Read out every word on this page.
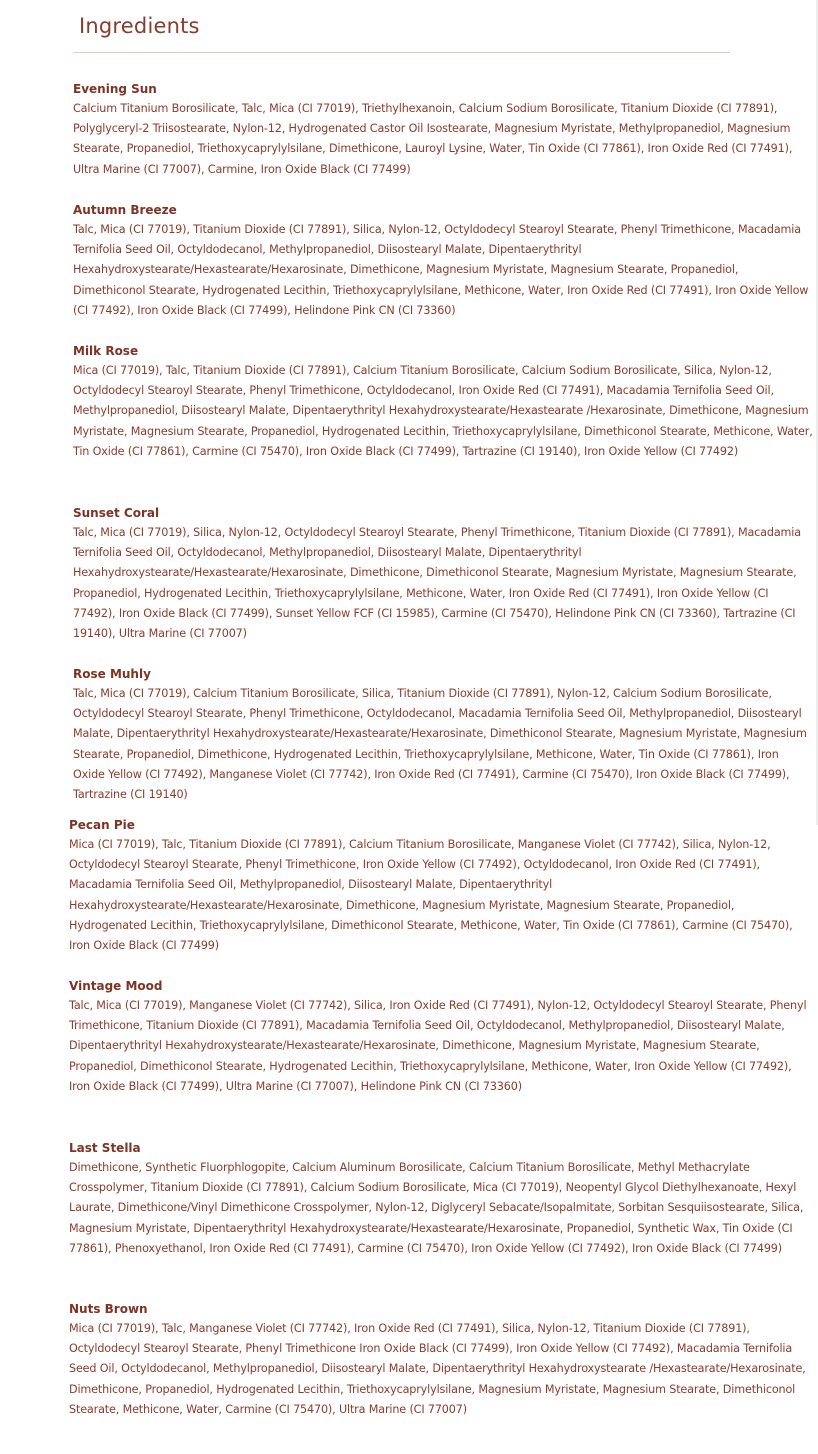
Ingredients
Evening Sun
Calcium Titanium Borosilicate, Talc, Mica (CI 77019), Triethylhexanoin, Calcium Sodium Borosilicate, Titanium Dioxide (CI 77891), Polyglyceryl-2 Triisostearate, Nylon-12, Hydrogenated Castor Oil Isostearate, Magnesium Myristate, Methylpropanediol, Magnesium Stearate, Propanediol, Triethoxycaprylylsilane, Dimethicone, Lauroyl Lysine, Water, Tin Oxide (CI 77861), Iron Oxide Red (CI 77491), Ultra Marine (CI 77007), Carmine, Iron Oxide Black (CI 77499)
Autumn Breeze
Talc, Mica (CI 77019), Titanium Dioxide (CI 77891), Silica, Nylon-12, Octyldodecyl Stearoyl Stearate, Phenyl Trimethicone, Macadamia Ternifolia Seed Oil, Octyldodecanol, Methylpropanediol, Diisostearyl Malate, Dipentaerythrityl Hexahydroxystearate/Hexastearate/Hexarosinate, Dimethicone, Magnesium Myristate, Magnesium Stearate, Propanediol, Dimethiconol Stearate, Hydrogenated Lecithin, Triethoxycaprylylsilane, Methicone, Water, Iron Oxide Red (CI 77491), Iron Oxide Yellow (CI 77492), Iron Oxide Black (CI 77499), Helindone Pink CN (CI 73360)
Milk Rose
Mica (CI 77019), Talc, Titanium Dioxide (CI 77891), Calcium Titanium Borosilicate, Calcium Sodium Borosilicate, Silica, Nylon-12, Octyldodecyl Stearoyl Stearate, Phenyl Trimethicone, Octyldodecanol, Iron Oxide Red (CI 77491), Macadamia Ternifolia Seed Oil, Methylpropanediol, Diisostearyl Malate, Dipentaerythrityl Hexahydroxystearate/Hexastearate /Hexarosinate, Dimethicone, Magnesium Myristate, Magnesium Stearate, Propanediol, Hydrogenated Lecithin, Triethoxycaprylylsilane, Dimethiconol Stearate, Methicone, Water, Tin Oxide (CI 77861), Carmine (CI 75470), Iron Oxide Black (CI 77499), Tartrazine (CI 19140), Iron Oxide Yellow (CI 77492)
Sunset Coral
Talc, Mica (CI 77019), Silica, Nylon-12, Octyldodecyl Stearoyl Stearate, Phenyl Trimethicone, Titanium Dioxide (CI 77891), Macadamia Ternifolia Seed Oil, Octyldodecanol, Methylpropanediol, Diisostearyl Malate, Dipentaerythrityl Hexahydroxystearate/Hexastearate/Hexarosinate, Dimethicone, Dimethiconol Stearate, Magnesium Myristate, Magnesium Stearate, Propanediol, Hydrogenated Lecithin, Triethoxycaprylylsilane, Methicone, Water, Iron Oxide Red (CI 77491), Iron Oxide Yellow (CI 77492), Iron Oxide Black (CI 77499), Sunset Yellow FCF (CI 15985), Carmine (CI 75470), Helindone Pink CN (CI 73360), Tartrazine (CI 19140), Ultra Marine (CI 77007)
Rose Muhly
Talc, Mica (CI 77019), Calcium Titanium Borosilicate, Silica, Titanium Dioxide (CI 77891), Nylon-12, Calcium Sodium Borosilicate, Octyldodecyl Stearoyl Stearate, Phenyl Trimethicone, Octyldodecanol, Macadamia Ternifolia Seed Oil, Methylpropanediol, Diisostearyl Malate, Dipentaerythrityl Hexahydroxystearate/Hexastearate/Hexarosinate, Dimethiconol Stearate, Magnesium Myristate, Magnesium Stearate, Propanediol, Dimethicone, Hydrogenated Lecithin, Triethoxycaprylylsilane, Methicone, Water, Tin Oxide (CI 77861), Iron Oxide Yellow (CI 77492), Manganese Violet (CI 77742), Iron Oxide Red (CI 77491), Carmine (CI 75470), Iron Oxide Black (CI 77499), Tartrazine (CI 19140)
Pecan Pie
Mica (CI 77019), Talc, Titanium Dioxide (CI 77891), Calcium Titanium Borosilicate, Manganese Violet (CI 77742), Silica, Nylon-12, Octyldodecyl Stearoyl Stearate, Phenyl Trimethicone, Iron Oxide Yellow (CI 77492), Octyldodecanol, Iron Oxide Red (CI 77491), Macadamia Ternifolia Seed Oil, Methylpropanediol, Diisostearyl Malate, Dipentaerythrityl Hexahydroxystearate/Hexastearate/Hexarosinate, Dimethicone, Magnesium Myristate, Magnesium Stearate, Propanediol, Hydrogenated Lecithin, Triethoxycaprylylsilane, Dimethiconol Stearate, Methicone, Water, Tin Oxide (CI 77861), Carmine (CI 75470), Iron Oxide Black (CI 77499)
Vintage Mood
Talc, Mica (CI 77019), Manganese Violet (CI 77742), Silica, Iron Oxide Red (CI 77491), Nylon-12, Octyldodecyl Stearoyl Stearate, Phenyl Trimethicone, Titanium Dioxide (CI 77891), Macadamia Ternifolia Seed Oil, Octyldodecanol, Methylpropanediol, Diisostearyl Malate, Dipentaerythrityl Hexahydroxystearate/Hexastearate/Hexarosinate, Dimethicone, Magnesium Myristate, Magnesium Stearate, Propanediol, Dimethiconol Stearate, Hydrogenated Lecithin, Triethoxycaprylylsilane, Methicone, Water, Iron Oxide Yellow (CI 77492), Iron Oxide Black (CI 77499), Ultra Marine (CI 77007), Helindone Pink CN (CI 73360)
Last Stella
Dimethicone, Synthetic Fluorphlogopite, Calcium Aluminum Borosilicate, Calcium Titanium Borosilicate, Methyl Methacrylate Crosspolymer, Titanium Dioxide (CI 77891), Calcium Sodium Borosilicate, Mica (CI 77019), Neopentyl Glycol Diethylhexanoate, Hexyl Laurate, Dimethicone/Vinyl Dimethicone Crosspolymer, Nylon-12, Diglyceryl Sebacate/Isopalmitate, Sorbitan Sesquiisostearate, Silica, Magnesium Myristate, Dipentaerythrityl Hexahydroxystearate/Hexastearate/Hexarosinate, Propanediol, Synthetic Wax, Tin Oxide (CI 77861), Phenoxyethanol, Iron Oxide Red (CI 77491), Carmine (CI 75470), Iron Oxide Yellow (CI 77492), Iron Oxide Black (CI 77499)
Nuts Brown
Mica (CI 77019), Talc, Manganese Violet (CI 77742), Iron Oxide Red (CI 77491), Silica, Nylon-12, Titanium Dioxide (CI 77891), Octyldodecyl Stearoyl Stearate, Phenyl Trimethicone Iron Oxide Black (CI 77499), Iron Oxide Yellow (CI 77492), Macadamia Ternifolia Seed Oil, Octyldodecanol, Methylpropanediol, Diisostearyl Malate, Dipentaerythrityl Hexahydroxystearate /Hexastearate/Hexarosinate, Dimethicone, Propanediol, Hydrogenated Lecithin, Triethoxycaprylylsilane, Magnesium Myristate, Magnesium Stearate, Dimethiconol Stearate, Methicone, Water, Carmine (CI 75470), Ultra Marine (CI 77007)
